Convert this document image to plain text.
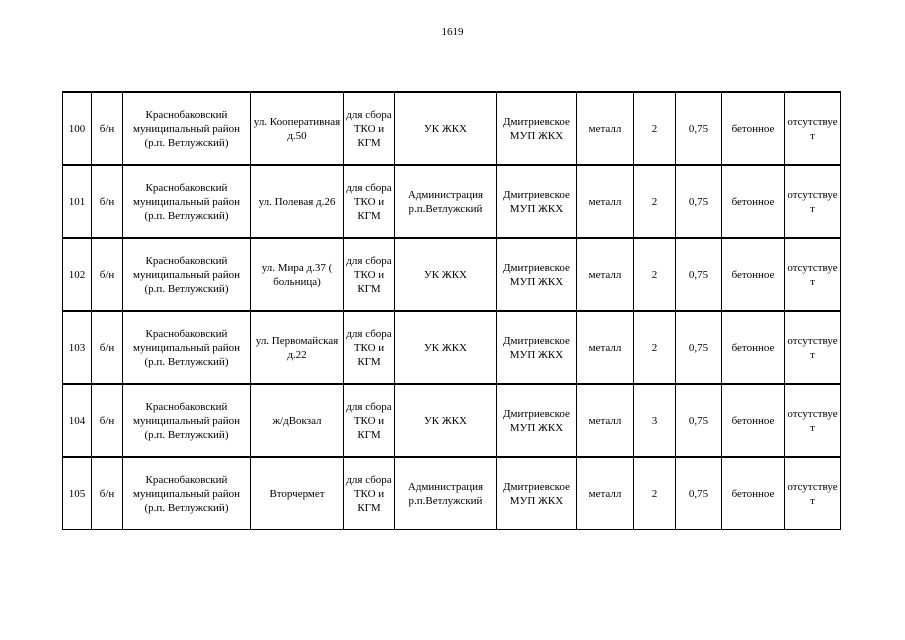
1619
100	б/н	Краснобаковский муниципальный район (р.п. Ветлужский)	ул. Кооперативная д.50	для сбора ТКО и КГМ	УК ЖКХ	Дмитриевское МУП ЖКХ	металл	2	0,75	бетонное	отсутствует
101	б/н	Краснобаковский муниципальный район (р.п. Ветлужский)	ул. Полевая д.26	для сбора ТКО и КГМ	Администрация р.п.Ветлужский	Дмитриевское МУП ЖКХ	металл	2	0,75	бетонное	отсутствует
102	б/н	Краснобаковский муниципальный район (р.п. Ветлужский)	ул. Мира д.37 ( больница)	для сбора ТКО и КГМ	УК ЖКХ	Дмитриевское МУП ЖКХ	металл	2	0,75	бетонное	отсутствует
103	б/н	Краснобаковский муниципальный район (р.п. Ветлужский)	ул. Первомайская д.22	для сбора ТКО и КГМ	УК ЖКХ	Дмитриевское МУП ЖКХ	металл	2	0,75	бетонное	отсутствует
104	б/н	Краснобаковский муниципальный район (р.п. Ветлужский)	ж/дВокзал	для сбора ТКО и КГМ	УК ЖКХ	Дмитриевское МУП ЖКХ	металл	3	0,75	бетонное	отсутствует
105	б/н	Краснобаковский муниципальный район (р.п. Ветлужский)	Вторчермет	для сбора ТКО и КГМ	Администрация р.п.Ветлужский	Дмитриевское МУП ЖКХ	металл	2	0,75	бетонное	отсутствует
